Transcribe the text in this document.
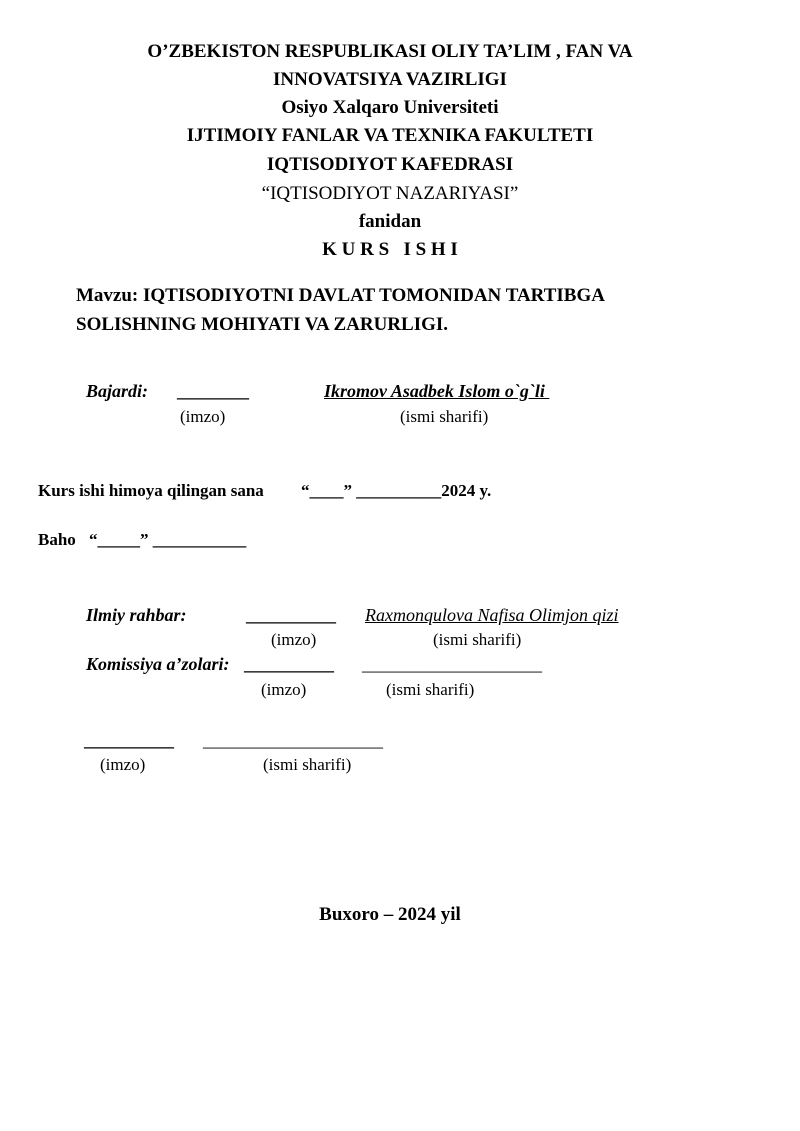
O’ZBEKISTON RESPUBLIKASI OLIY TA’LIM , FAN VA
INNOVATSIYA VAZIRLIGI
Osiyo Xalqaro Universiteti
IJTIMOIY FANLAR VA TEXNIKA FAKULTETI
IQTISODIYOT KAFEDRASI
“IQTISODIYOT NAZARIYASI”
fanidan
K U R S   I S H I
Mavzu: IQTISODIYOTNI DAVLAT TOMONIDAN TARTIBGA
SOLISHNING MOHIYATI VA ZARURLIGI.
Bajardi: ________	Ikromov Asadbek Islom o`g`li
(imzo)	(ismi sharifi)
Kurs ishi himoya qilingan sana “____” __________2024 y.
Baho “_____” ___________
Ilmiy rahbar:	__________ Raxmonqulova Nafisa Olimjon qizi
(imzo)	(ismi sharifi)
Komissiya a’zolari: __________ ____________________
(imzo)	(ismi sharifi)
__________ ____________________
(imzo)	(ismi sharifi)
Buxoro – 2024 yil
